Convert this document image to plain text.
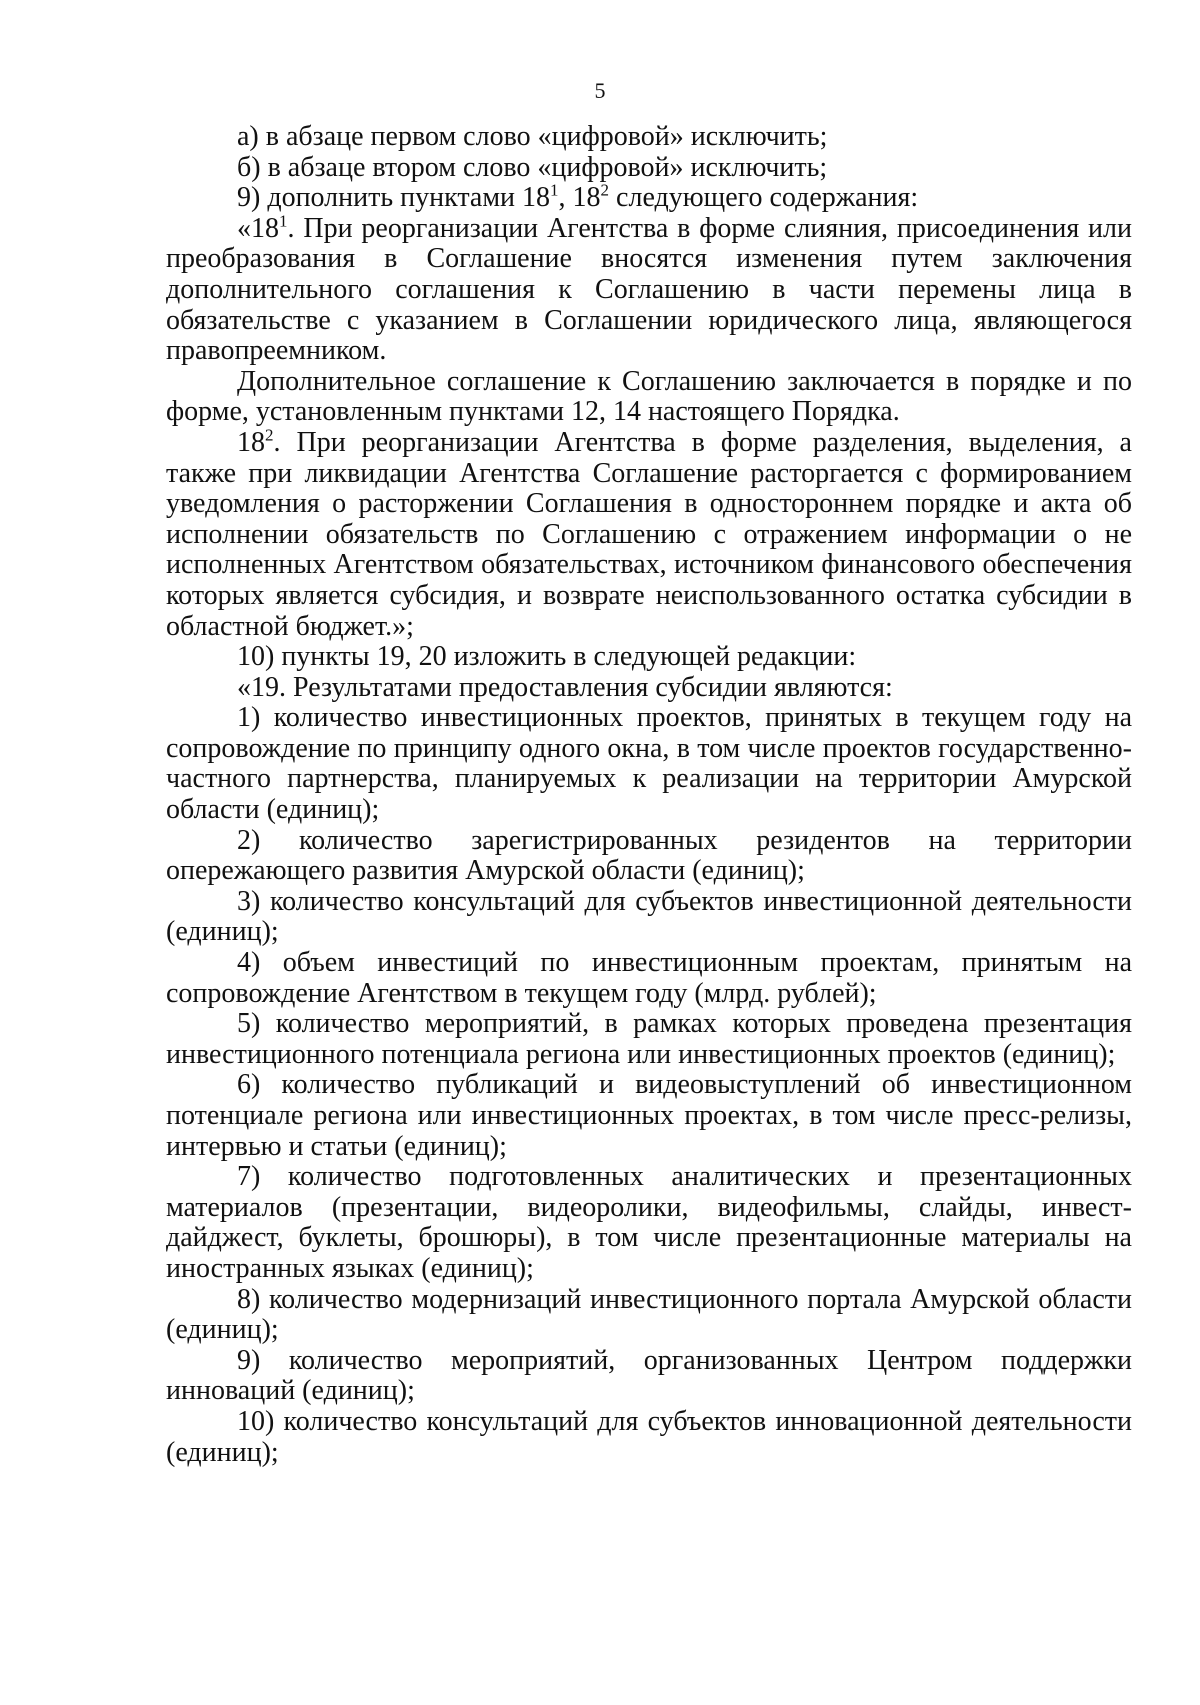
5

а) в абзаце первом слово «цифровой» исключить;

б) в абзаце втором слово «цифровой» исключить;

9) дополнить пунктами $18^1$, $18^2$ следующего содержания:

«$18^1$. При реорганизации Агентства в форме слияния, присоединения или преобразования в Соглашение вносятся изменения путем заключения дополнительного соглашения к Соглашению в части перемены лица в обязательстве с указанием в Соглашении юридического лица, являющегося правопреемником.

Дополнительное соглашение к Соглашению заключается в порядке и по форме, установленным пунктами 12, 14 настоящего Порядка.

$18^2$. При реорганизации Агентства в форме разделения, выделения, а также при ликвидации Агентства Соглашение расторгается с формированием уведомления о расторжении Соглашения в одностороннем порядке и акта об исполнении обязательств по Соглашению с отражением информации о не исполненных Агентством обязательствах, источником финансового обеспечения которых является субсидия, и возврате неиспользованного остатка субсидии в областной бюджет.»;

10) пункты 19, 20 изложить в следующей редакции:

«19. Результатами предоставления субсидии являются:

1) количество инвестиционных проектов, принятых в текущем году на сопровождение по принципу одного окна, в том числе проектов государственно-частного партнерства, планируемых к реализации на территории Амурской области (единиц);

2) количество зарегистрированных резидентов на территории опережающего развития Амурской области (единиц);

3) количество консультаций для субъектов инвестиционной деятельности (единиц);

4) объем инвестиций по инвестиционным проектам, принятым на сопровождение Агентством в текущем году (млрд. рублей);

5) количество мероприятий, в рамках которых проведена презентация инвестиционного потенциала региона или инвестиционных проектов (единиц);

6) количество публикаций и видеовыступлений об инвестиционном потенциале региона или инвестиционных проектах, в том числе пресс-релизы, интервью и статьи (единиц);

7) количество подготовленных аналитических и презентационных материалов (презентации, видеоролики, видеофильмы, слайды, инвест-дайджест, буклеты, брошюры), в том числе презентационные материалы на иностранных языках (единиц);

8) количество модернизаций инвестиционного портала Амурской области (единиц);

9) количество мероприятий, организованных Центром поддержки инноваций (единиц);

10) количество консультаций для субъектов инновационной деятельности (единиц);
